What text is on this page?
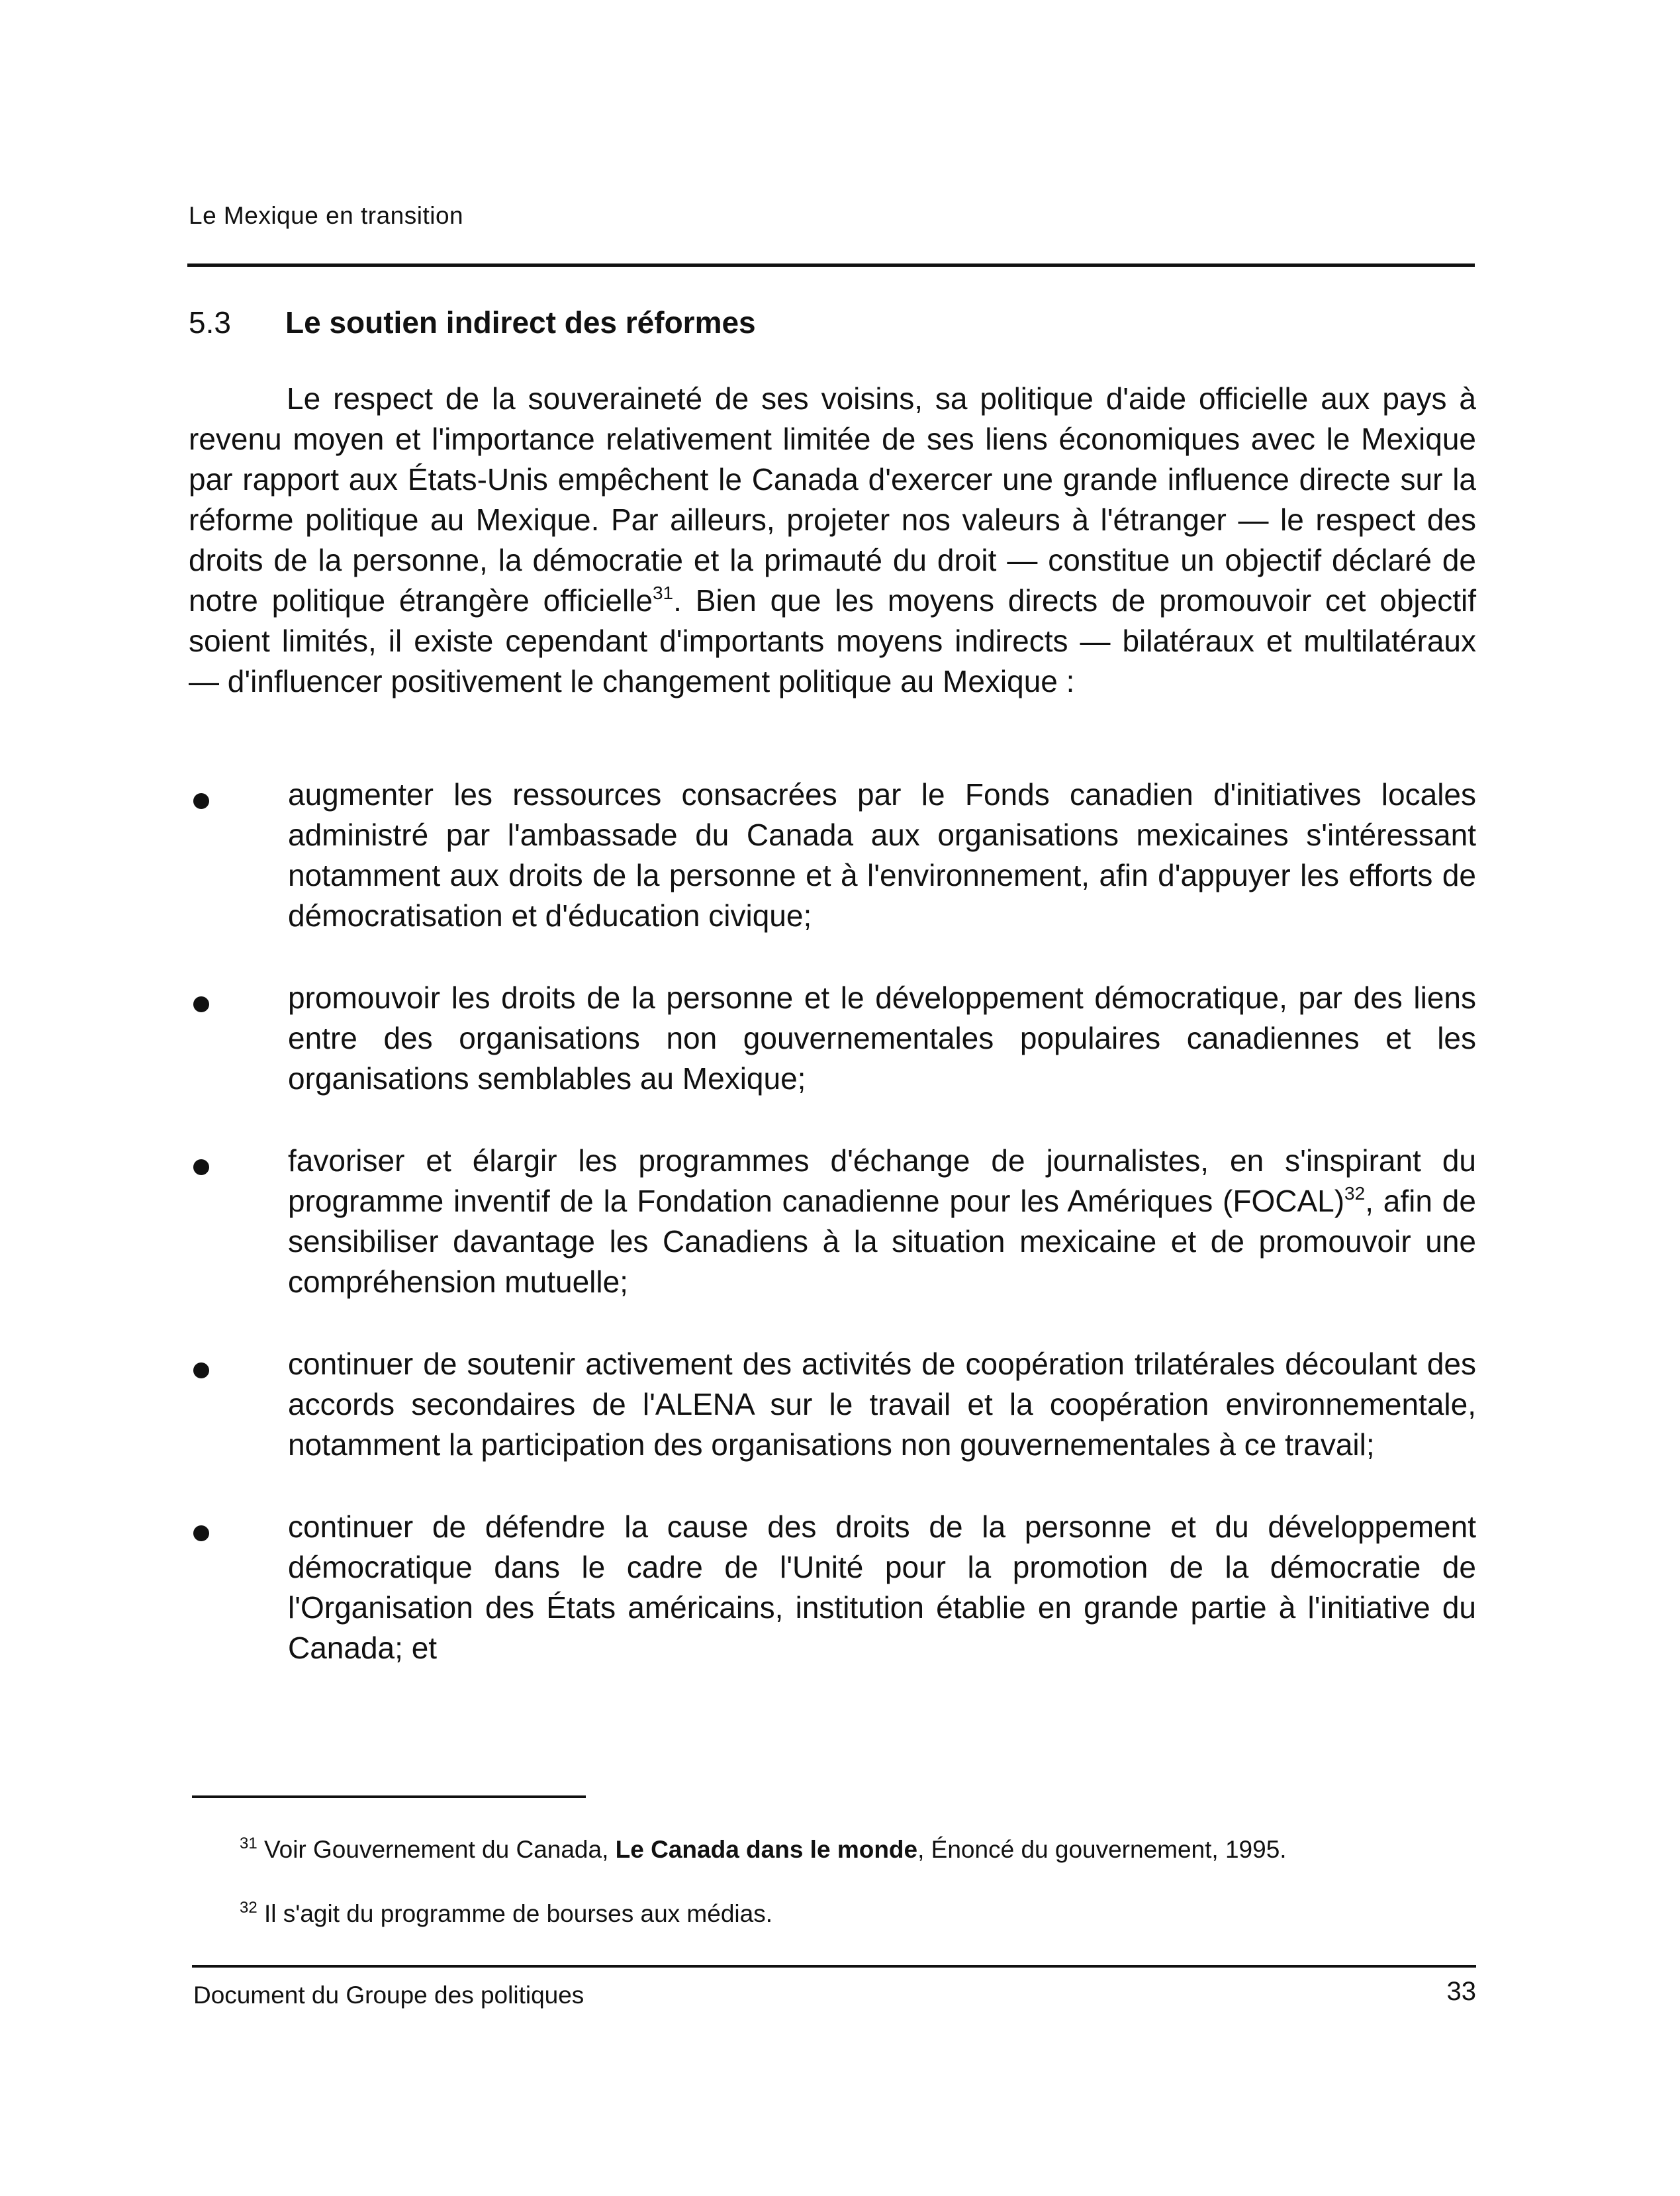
Le Mexique en transition
5.3 Le soutien indirect des réformes

Le respect de la souveraineté de ses voisins, sa politique d'aide officielle aux pays à revenu moyen et l'importance relativement limitée de ses liens économiques avec le Mexique par rapport aux États-Unis empêchent le Canada d'exercer une grande influence directe sur la réforme politique au Mexique. Par ailleurs, projeter nos valeurs à l'étranger — le respect des droits de la personne, la démocratie et la primauté du droit — constitue un objectif déclaré de notre politique étrangère officielle$^{31}$. Bien que les moyens directs de promouvoir cet objectif soient limités, il existe cependant d'importants moyens indirects — bilatéraux et multilatéraux — d'influencer positivement le changement politique au Mexique :

augmenter les ressources consacrées par le Fonds canadien d'initiatives locales administré par l'ambassade du Canada aux organisations mexicaines s'intéressant notamment aux droits de la personne et à l'environnement, afin d'appuyer les efforts de démocratisation et d'éducation civique;
promouvoir les droits de la personne et le développement démocratique, par des liens entre des organisations non gouvernementales populaires canadiennes et les organisations semblables au Mexique;
favoriser et élargir les programmes d'échange de journalistes, en s'inspirant du programme inventif de la Fondation canadienne pour les Amériques (FOCAL)$^{32}$, afin de sensibiliser davantage les Canadiens à la situation mexicaine et de promouvoir une compréhension mutuelle;
continuer de soutenir activement des activités de coopération trilatérales découlant des accords secondaires de l'ALENA sur le travail et la coopération environnementale, notamment la participation des organisations non gouvernementales à ce travail;
continuer de défendre la cause des droits de la personne et du développement démocratique dans le cadre de l'Unité pour la promotion de la démocratie de l'Organisation des États américains, institution établie en grande partie à l'initiative du Canada; et
$^{31}$ Voir Gouvernement du Canada, Le Canada dans le monde, Énoncé du gouvernement, 1995.
$^{32}$ Il s'agit du programme de bourses aux médias.
Document du Groupe des politiques	33
